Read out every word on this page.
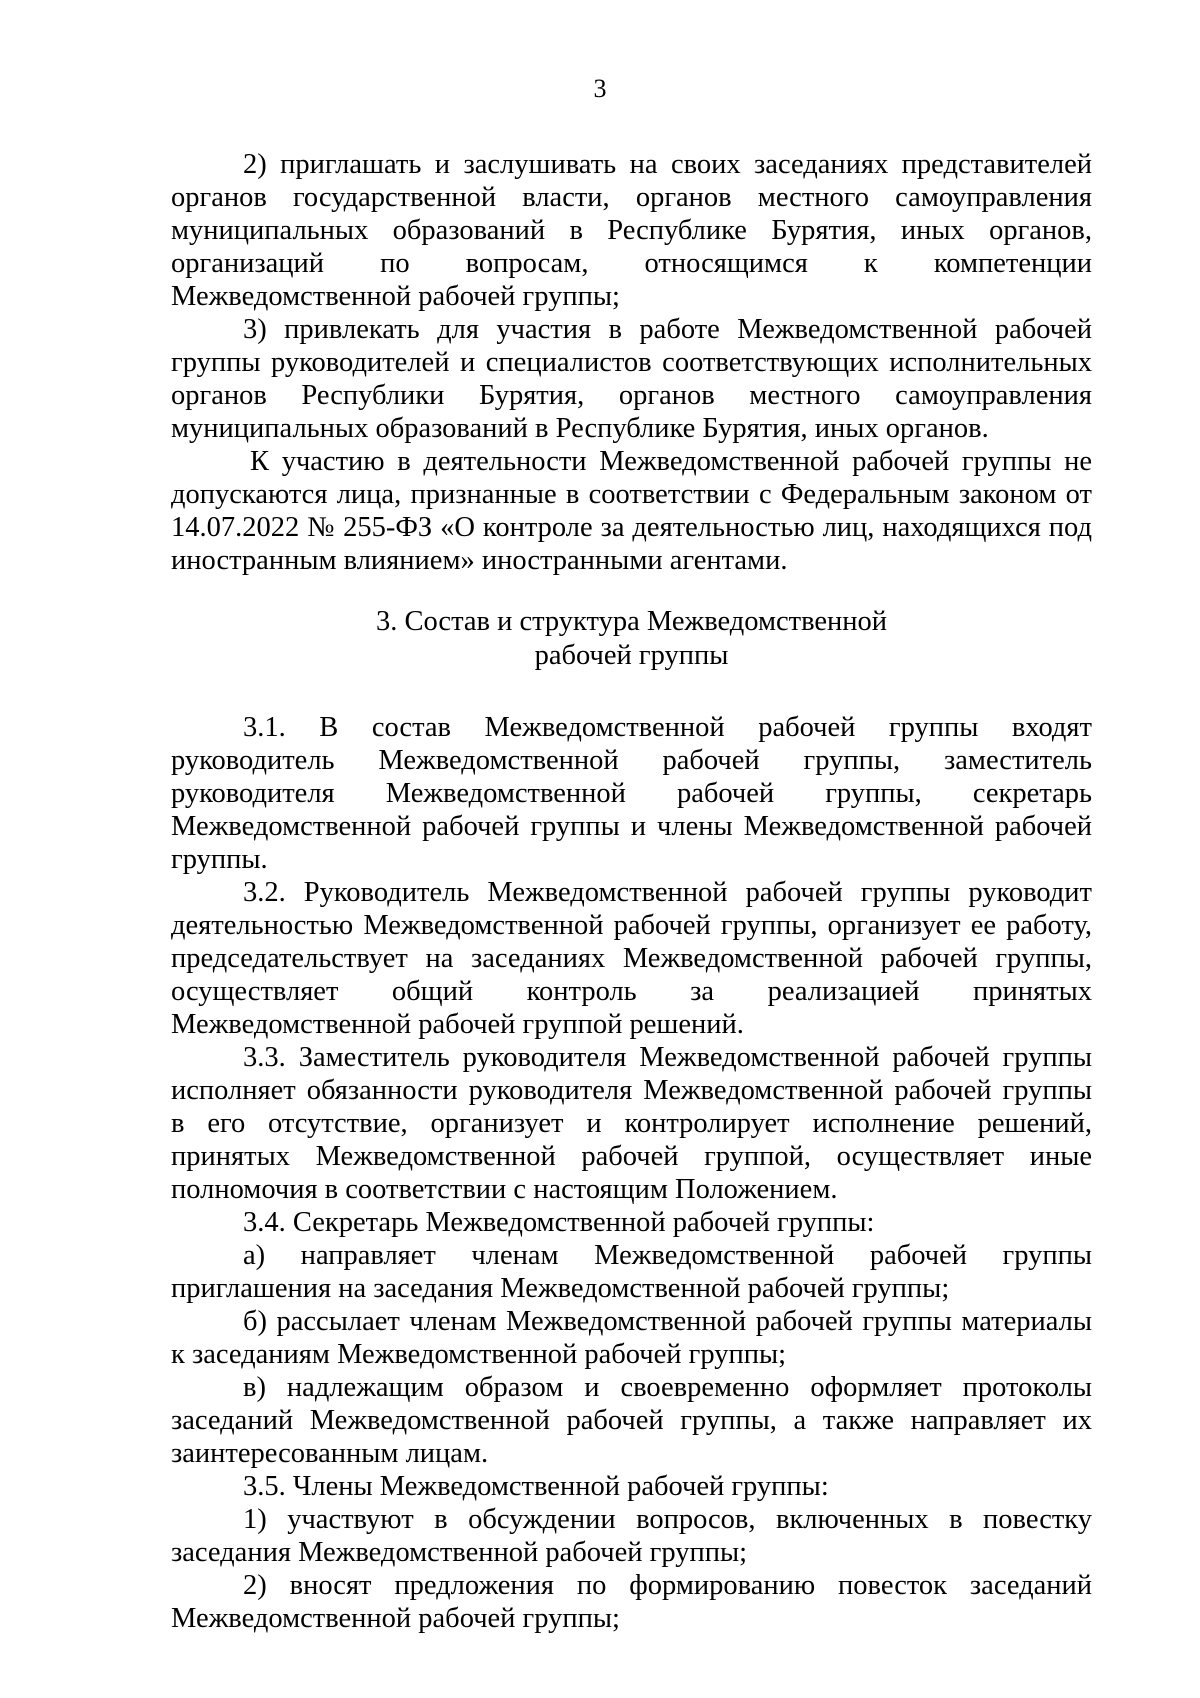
3

2) приглашать и заслушивать на своих заседаниях представителей органов государственной власти, органов местного самоуправления муниципальных образований в Республике Бурятия, иных органов, организаций по вопросам, относящимся к компетенции Межведомственной рабочей группы;

3) привлекать для участия в работе Межведомственной рабочей группы руководителей и специалистов соответствующих исполнительных органов Республики Бурятия, органов местного самоуправления муниципальных образований в Республике Бурятия, иных органов.

К участию в деятельности Межведомственной рабочей группы не допускаются лица, признанные в соответствии с Федеральным законом от 14.07.2022 № 255-ФЗ «О контроле за деятельностью лиц, находящихся под иностранным влиянием» иностранными агентами.

3. Состав и структура Межведомственной
рабочей группы

3.1. В состав Межведомственной рабочей группы входят руководитель Межведомственной рабочей группы, заместитель руководителя Межведомственной рабочей группы, секретарь Межведомственной рабочей группы и члены Межведомственной рабочей группы.

3.2. Руководитель Межведомственной рабочей группы руководит деятельностью Межведомственной рабочей группы, организует ее работу, председательствует на заседаниях Межведомственной рабочей группы, осуществляет общий контроль за реализацией принятых Межведомственной рабочей группой решений.

3.3. Заместитель руководителя Межведомственной рабочей группы исполняет обязанности руководителя Межведомственной рабочей группы в его отсутствие, организует и контролирует исполнение решений, принятых Межведомственной рабочей группой, осуществляет иные полномочия в соответствии с настоящим Положением.

3.4. Секретарь Межведомственной рабочей группы:

а) направляет членам Межведомственной рабочей группы приглашения на заседания Межведомственной рабочей группы;

б) рассылает членам Межведомственной рабочей группы материалы к заседаниям Межведомственной рабочей группы;

в) надлежащим образом и своевременно оформляет протоколы заседаний Межведомственной рабочей группы, а также направляет их заинтересованным лицам.

3.5. Члены Межведомственной рабочей группы:

1) участвуют в обсуждении вопросов, включенных в повестку заседания Межведомственной рабочей группы;

2) вносят предложения по формированию повесток заседаний Межведомственной рабочей группы;
